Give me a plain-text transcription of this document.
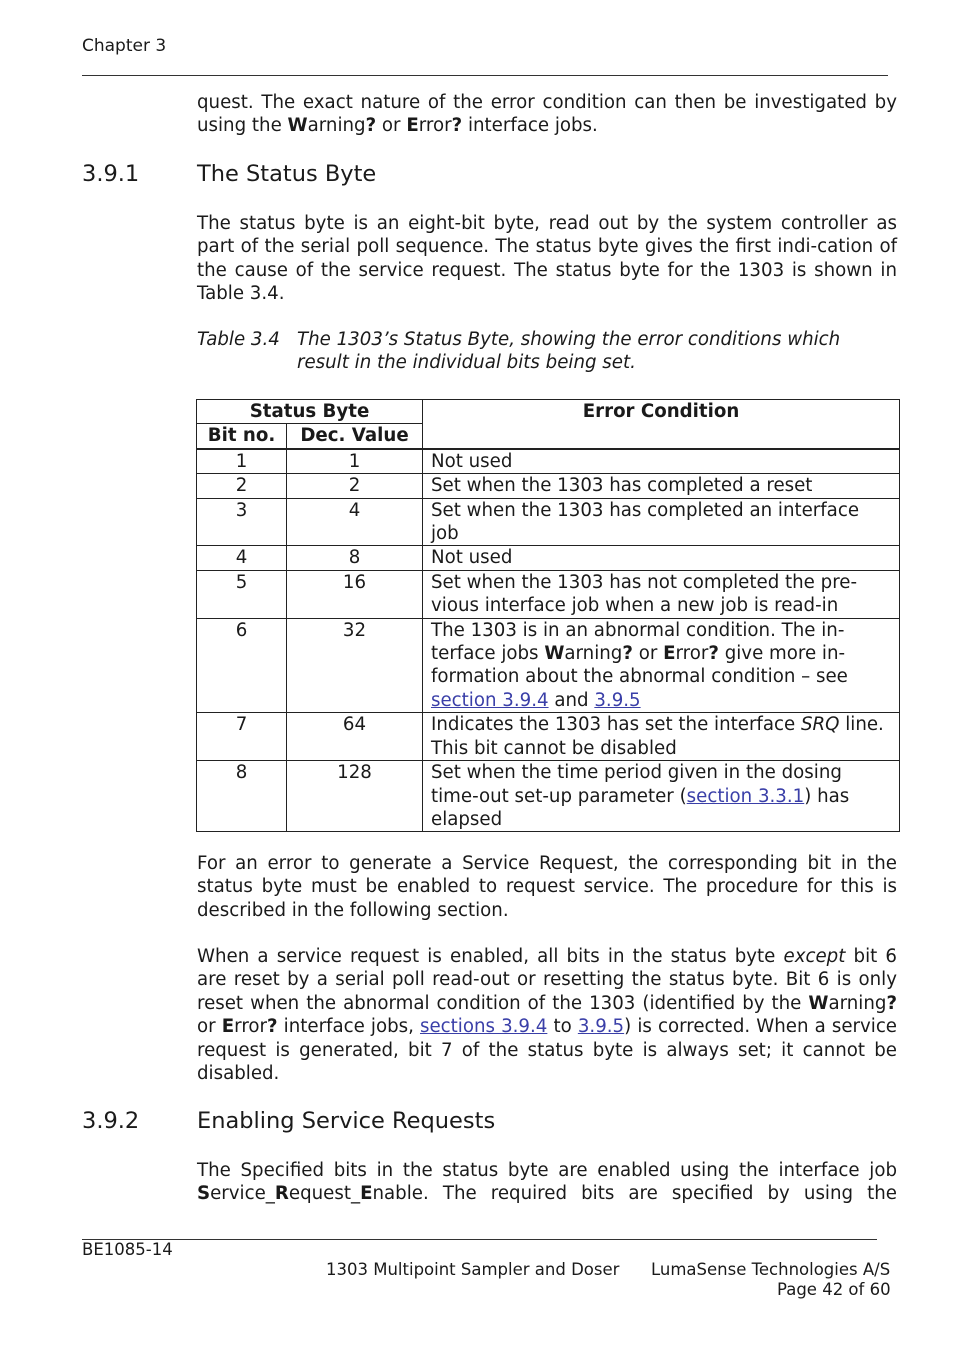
Chapter 3

quest. The exact nature of the error condition can then be investigated by using the Warning? or Error? interface jobs.

3.9.1	The Status Byte

The status byte is an eight-bit byte, read out by the system controller as part of the serial poll sequence. The status byte gives the first indi-cation of the cause of the service request. The status byte for the 1303 is shown in Table 3.4.

Table 3.4 The 1303’s Status Byte, showing the error conditions which
result in the individual bits being set.
Status Byte		Error Condition
Bit no.	Dec. Value	
1	1	Not used
2	2	Set when the 1303 has completed a reset
3	4	Set when the 1303 has completed an interface job
4	8	Not used
5	16	Set when the 1303 has not completed the pre-vious interface job when a new job is read-in
6	32	The 1303 is in an abnormal condition. The in-terface jobs Warning? or Error? give more in-formation about the abnormal condition – see section 3.9.4 and 3.9.5
7	64	Indicates the 1303 has set the interface SRQ line. This bit cannot be disabled
8	128	Set when the time period given in the dosing time-out set-up parameter (section 3.3.1) has elapsed

For an error to generate a Service Request, the corresponding bit in the status byte must be enabled to request service. The procedure for this is described in the following section.

When a service request is enabled, all bits in the status byte except bit 6 are reset by a serial poll read-out or resetting the status byte. Bit 6 is only reset when the abnormal condition of the 1303 (identified by the Warning? or Error? interface jobs, sections 3.9.4 to 3.9.5) is corrected. When a service request is generated, bit 7 of the status byte is always set; it cannot be disabled.

3.9.2	Enabling Service Requests

The Specified bits in the status byte are enabled using the interface job Service_Request_Enable. The required bits are specified by using the

BE1085-14
1303 Multipoint Sampler and Doser LumaSense Technologies A/S
Page 42 of 60
